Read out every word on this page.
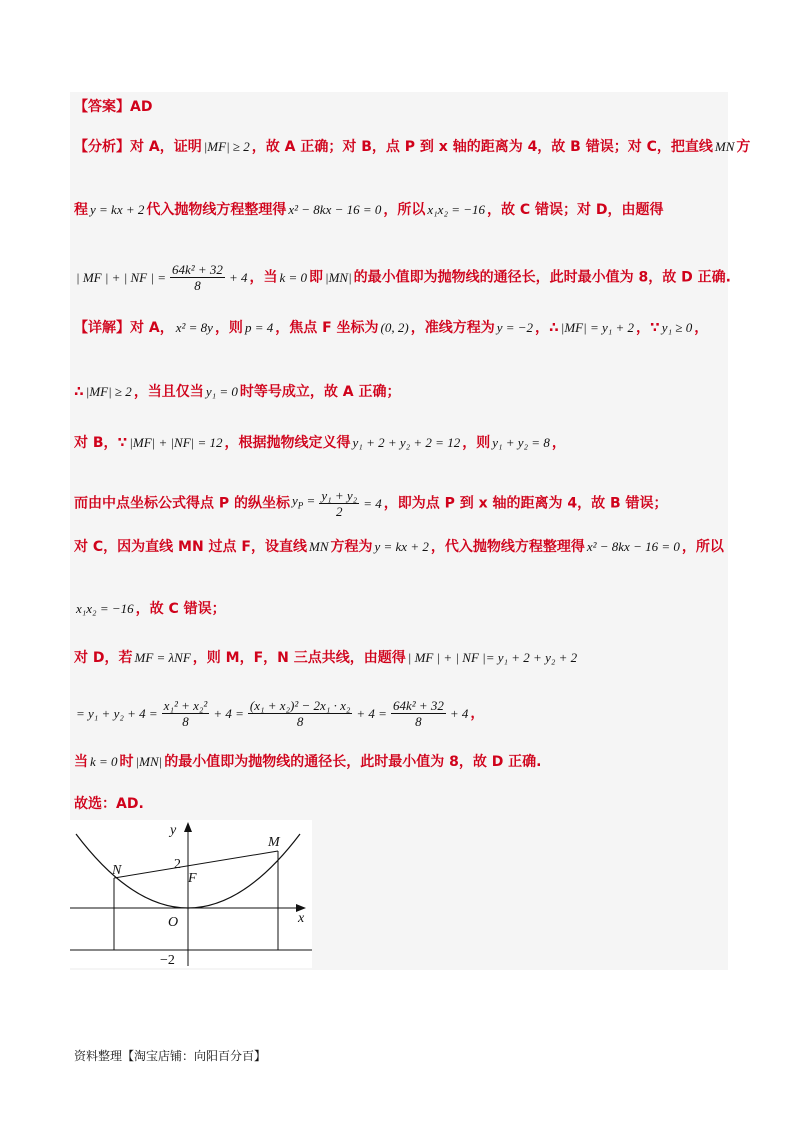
【答案】AD
【分析】对 A，证明 |MF| ≥ 2 ，故 A 正确；对 B，点 P 到 x 轴的距离为 4，故 B 错误；对 C，把直线 MN 方
程 y = kx + 2 代入抛物线方程整理得 x² − 8kx − 16 = 0 ，所以 x₁x₂ = −16 ，故 C 错误；对 D，由题得
| MF | + | NF | = $\frac{\text{64k² + 32}}{8} + 4$ ，当 k = 0 即 |MN| 的最小值即为抛物线的通径长，此时最小值为 8，故 D 正确.
【详解】对 A， x² = 8y ，则 p = 4 ，焦点 F 坐标为 (0, 2) ，准线方程为 y = −2 ，∴ |MF| = y₁ + 2 ，∵ y₁ ≥ 0 ，
∴ |MF| ≥ 2 ，当且仅当 y₁ = 0 时等号成立，故 A 正确；
对 B，∵ |MF| + |NF| = 12 ，根据抛物线定义得 y₁ + 2 + y₂ + 2 = 12 ，则 y₁ + y₂ = 8 ，
而由中点坐标公式得点 P 的纵坐标 $y_P = \frac{\text{y₁ + y₂}}{2} = 4$ ，即为点 P 到 x 轴的距离为 4，故 B 错误；
对 C，因为直线 MN 过点 F，设直线 MN 方程为 y = kx + 2 ，代入抛物线方程整理得 x² − 8kx − 16 = 0 ，所以
x₁x₂ = −16 ，故 C 错误；
对 D，若 MF = λNF ，则 M，F，N 三点共线，由题得 | MF | + | NF |= y₁ + 2 + y₂ + 2
= $y_1 + y_2 + 4 = \frac{\text{x₁² + x₂²}}{8} + 4 = \frac{\text{(x₁ + x₂)² − 2x₁ · x₂}}{8} + 4 = \frac{\text{64k² + 32}}{8} + 4$ ，
当 k = 0 时 |MN| 的最小值即为抛物线的通径长，此时最小值为 8，故 D 正确.
故选：AD.
y
x
M
N
F
O
2
−2
资料整理【淘宝店铺：向阳百分百】
